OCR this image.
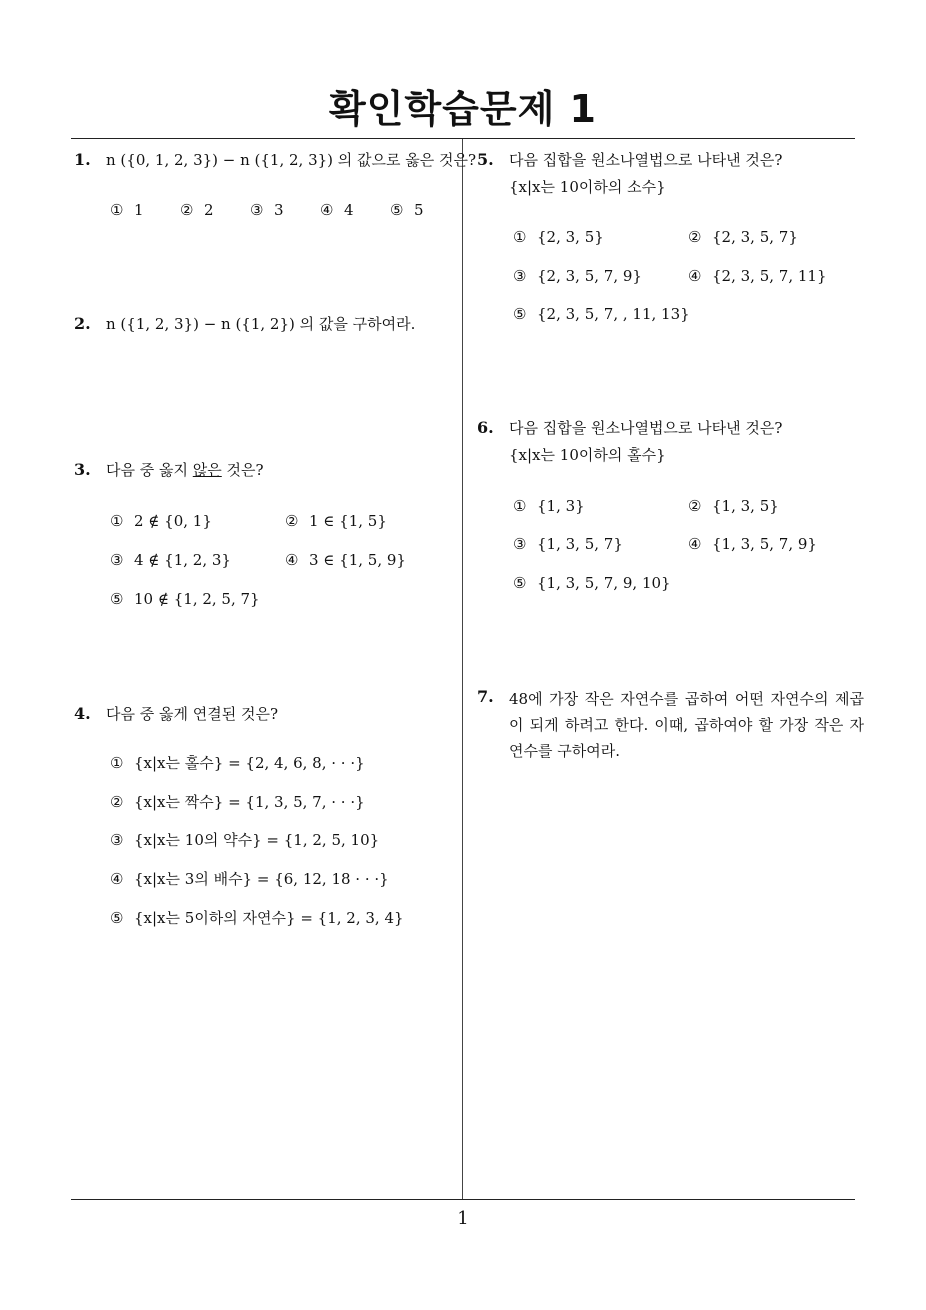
확인학습문제 1
1
1. n ({0, 1, 2, 3}) − n ({1, 2, 3}) 의 값으로 옳은 것은?
① 1 ② 2 ③ 3 ④ 4 ⑤ 5
2. n ({1, 2, 3}) − n ({1, 2}) 의 값을 구하여라.
3. 다음 중 옳지 않은 것은?
① 2 ∉ {0, 1}	② 1 ∈ {1, 5}
③ 4 ∉ {1, 2, 3}	④ 3 ∈ {1, 5, 9}
⑤ 10 ∉ {1, 2, 5, 7}
4. 다음 중 옳게 연결된 것은?
① {x|x는 홀수} = {2, 4, 6, 8, · · ·}
② {x|x는 짝수} = {1, 3, 5, 7, · · ·}
③ {x|x는 10의 약수} = {1, 2, 5, 10}
④ {x|x는 3의 배수} = {6, 12, 18 · · ·}
⑤ {x|x는 5이하의 자연수} = {1, 2, 3, 4}
5. 다음 집합을 원소나열법으로 나타낸 것은?
{x|x는 10이하의 소수}
① {2, 3, 5}	② {2, 3, 5, 7}
③ {2, 3, 5, 7, 9}	④ {2, 3, 5, 7, 11}
⑤ {2, 3, 5, 7, , 11, 13}
6. 다음 집합을 원소나열법으로 나타낸 것은?
{x|x는 10이하의 홀수}
① {1, 3}	② {1, 3, 5}
③ {1, 3, 5, 7}	④ {1, 3, 5, 7, 9}
⑤ {1, 3, 5, 7, 9, 10}
7. 48에 가장 작은 자연수를 곱하여 어떤 자연수의 제곱이 되게 하려고 한다. 이때, 곱하여야 할 가장 작은 자연수를 구하여라.
